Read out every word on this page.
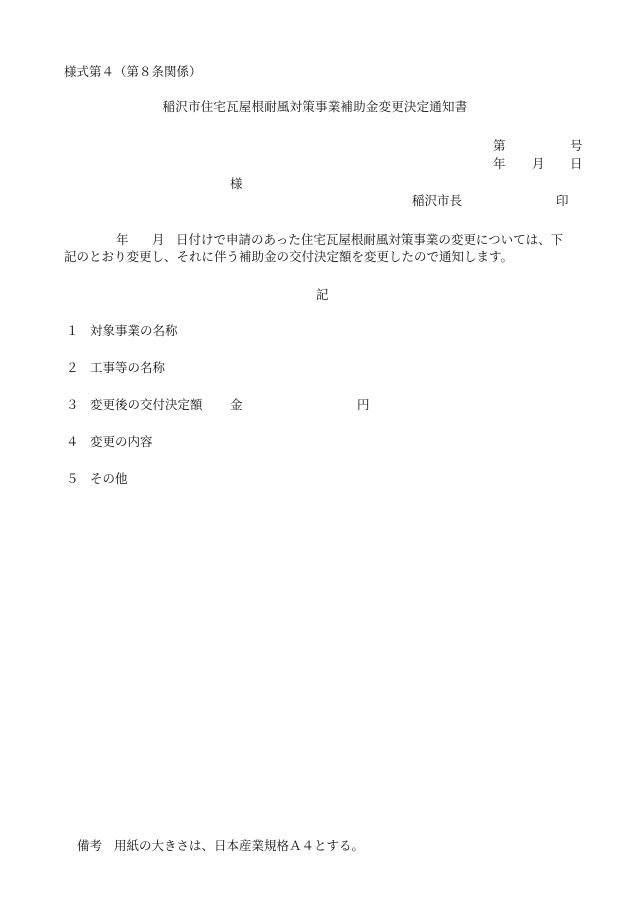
様式第４（第８条関係）
稲沢市住宅瓦屋根耐風対策事業補助金変更決定通知書
第	号
年 月 日
様
稲沢市長	印
年 月 日付けで申請のあった住宅瓦屋根耐風対策事業の変更については、下
記のとおり変更し、それに伴う補助金の交付決定額を変更したので通知します。
記
１ 対象事業の名称
２ 工事等の名称
３ 変更後の交付決定額 金	円
４ 変更の内容
５ その他
備考 用紙の大きさは、日本産業規格Ａ４とする。
